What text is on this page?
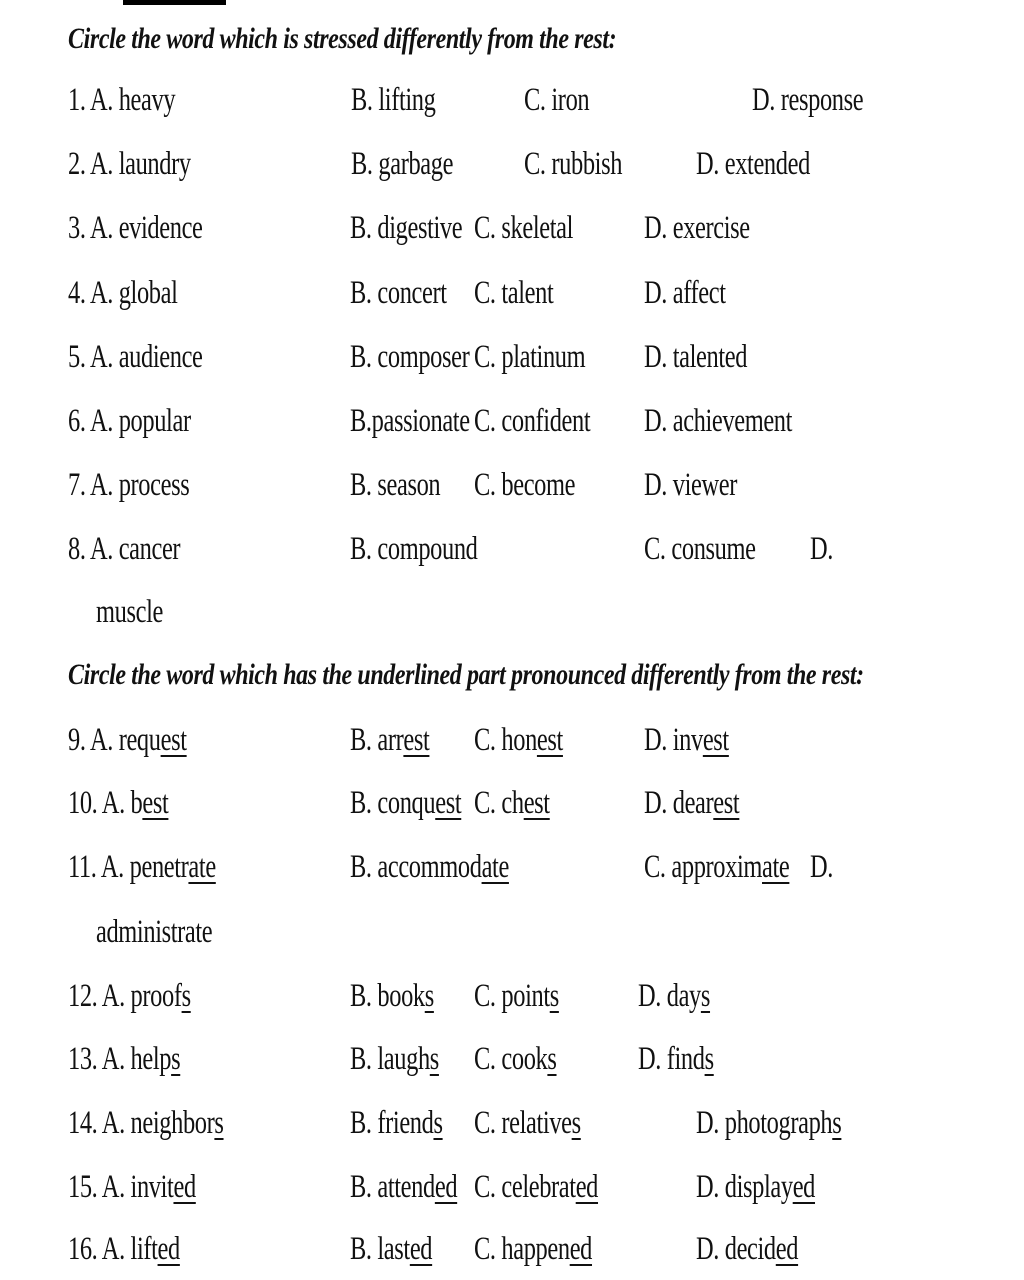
Circle the word which is stressed differently from the rest:
1. A. heavy	B. lifting	C. iron	D. response
2. A. laundry	B. garbage C. rubbish D. extended
3. A. evidence	B. digestive C. skeletal D. exercise
4. A. global	B. concert C. talent	D. affect
5. A. audience	B. composer C. platinum D. talented
6. A. popular	B.passionate C. confident D. achievement
7. A. process	B. season C. become D. viewer
8. A. cancer	B. compound	C. consume D.
muscle
Circle the word which has the underlined part pronounced differently from the rest:
9. A. request	B. arrest C. honest D. invest
10. A. best	B. conquest C. chest	D. dearest
11. A. penetrate	B. accommodate	C. approximate D.
administrate
12. A. proofs	B. books C. points D. days
13. A. helps	B. laughs C. cooks D. finds
14. A. neighbors	B. friends C. relatives	D. photographs
15. A. invited	B. attended C. celebrated	D. displayed
16. A. lifted	B. lasted C. happened	D. decided
